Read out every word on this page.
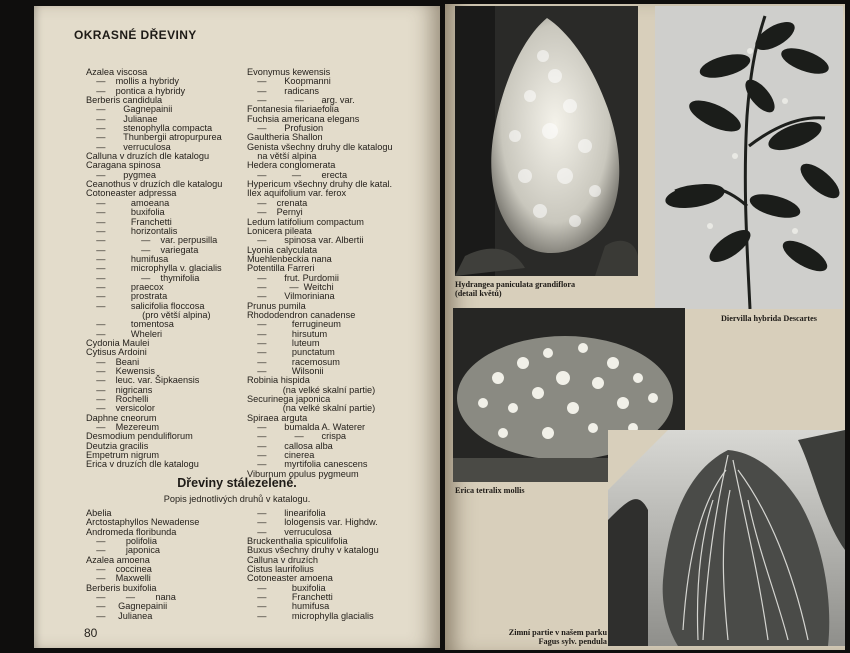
OKRASNÉ DŘEVINY
Azalea viscosa
—    mollis a hybridy
—    pontica a hybridy
Berberis candidula
—       Gagnepainii
—       Julianae
—       stenophylla compacta
—       Thunbergii atropurpurea
—       verruculosa
Calluna v druzích dle katalogu
Caragana spinosa
—       pygmea
Ceanothus v druzích dle katalogu
Cotoneaster adpressa
—          amoeana
—          buxifolia
—          Franchetti
—          horizontalis
—              —    var. perpusilla
—              —    variegata
—          humifusa
—          microphylla v. glacialis
—              —    thymifolia
—          praecox
—          prostrata
—          salicifolia floccosa
(pro větší alpina)
—          tomentosa
—          Wheleri
Cydonia Maulei
Cytisus Ardoini
—    Beani
—    Kewensis
—    leuc. var. Šipkaensis
—    nigricans
—    Rochelli
—    versicolor
Daphne cneorum
—    Mezereum
Desmodium penduliflorum
Deutzia gracilis
Empetrum nigrum
Erica v druzích dle katalogu
Evonymus kewensis
—       Koopmanni
—       radicans
—           —       arg. var.
Fontanesia filariaefolia
Fuchsia americana elegans
—       Profusion
Gaultheria Shallon
Genista všechny druhy dle katalogu
na větší alpina
Hedera conglomerata
—          —        erecta
Hypericum všechny druhy dle katal.
Ilex aquifolium var. ferox
—    crenata
—    Pernyi
Ledum latifolium compactum
Lonicera pileata
—       spinosa var. Albertii
Lyonia calyculata
Muehlenbeckia nana
Potentilla Farreri
—       frut. Purdomii
—         —  Weitchi
—       Vilmoriniana
Prunus pumila
Rhododendron canadense
—          ferrugineum
—          hirsutum
—          luteum
—          punctatum
—          racemosum
—          Wilsonii
Robinia hispida
(na velké skalní partie)
Securinega japonica
(na velké skalní partie)
Spiraea arguta
—       bumalda A. Waterer
—           —       crispa
—       callosa alba
—       cinerea
—       myrtifolia canescens
Viburnum opulus pygmeum
Dřeviny stálezelené.
Popis jednotlivých druhů v katalogu.
Abelia
Arctostaphyllos Newadense
Andromeda floribunda
—        polifolia
—        japonica
Azalea amoena
—    coccinea
—    Maxwelli
Berberis buxifolia
—        —        nana
—     Gagnepainii
—     Julianea
—       linearifolia
—       lologensis var. Highdw.
—       verruculosa
Bruckenthalia spiculifolia
Buxus všechny druhy v katalogu
Calluna v druzích
Cistus laurifolius
Cotoneaster amoena
—          buxifolia
—          Franchetti
—          humifusa
—          microphylla glacialis
80
Hydrangea paniculata grandiflora
(detail květů)
Diervilla hybrida Descartes
Erica tetralix mollis
Zimní partie v našem parku
Fagus sylv. pendula
